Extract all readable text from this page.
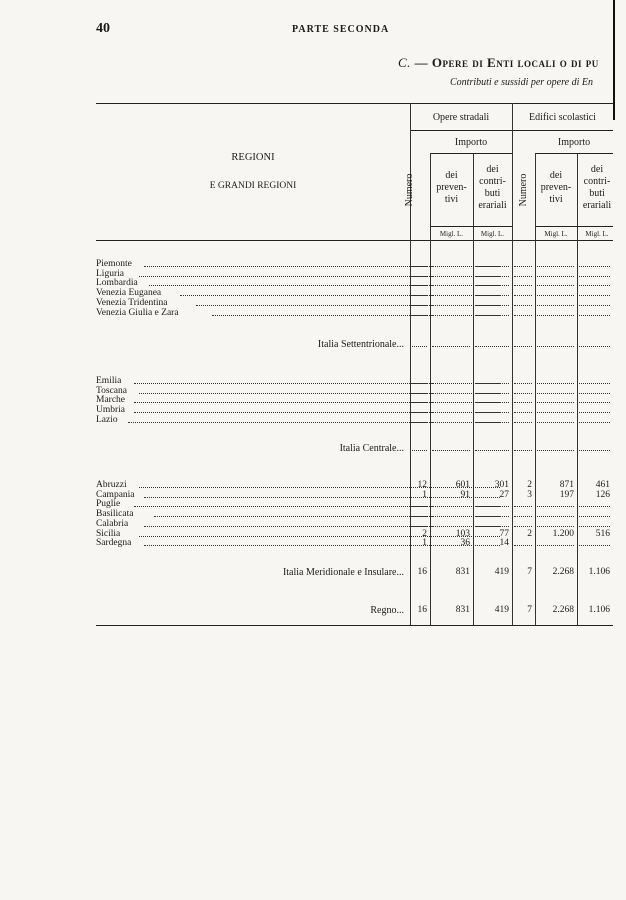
40	PARTE SECONDA
C. — Opere di Enti locali o di pu
Contributi e sussidi per opere di En
REGIONI
E GRANDI REGIONI
Opere stradali	Edifici scolastici
Importo	Importo
Numero	Numero
dei
preven-
tivi
dei
contri-
buti
erariali
dei
preven-
tivi
dei
contri-
buti
erariali
Migl. L.	Migl. L.	Migl. L.	Migl. L.
Piemonte
Liguria
Lombardia
Venezia Euganea
Venezia Tridentina
Venezia Giulia e Zara
Italia Settentrionale...
Emilia
Toscana
Marche
Umbria
Lazio
Italia Centrale...
Abruzzi	12	601	301	2	871	461
Campania	1	91	27	3	197	126
Puglie
Basilicata
Calabria
Sicilia	2	103	77	2	1.200	516
Sardegna	1	36	14
Italia Meridionale e Insulare...	16	831	419	7	2.268	1.106
Regno...	16	831	419	7	2.268	1.106
